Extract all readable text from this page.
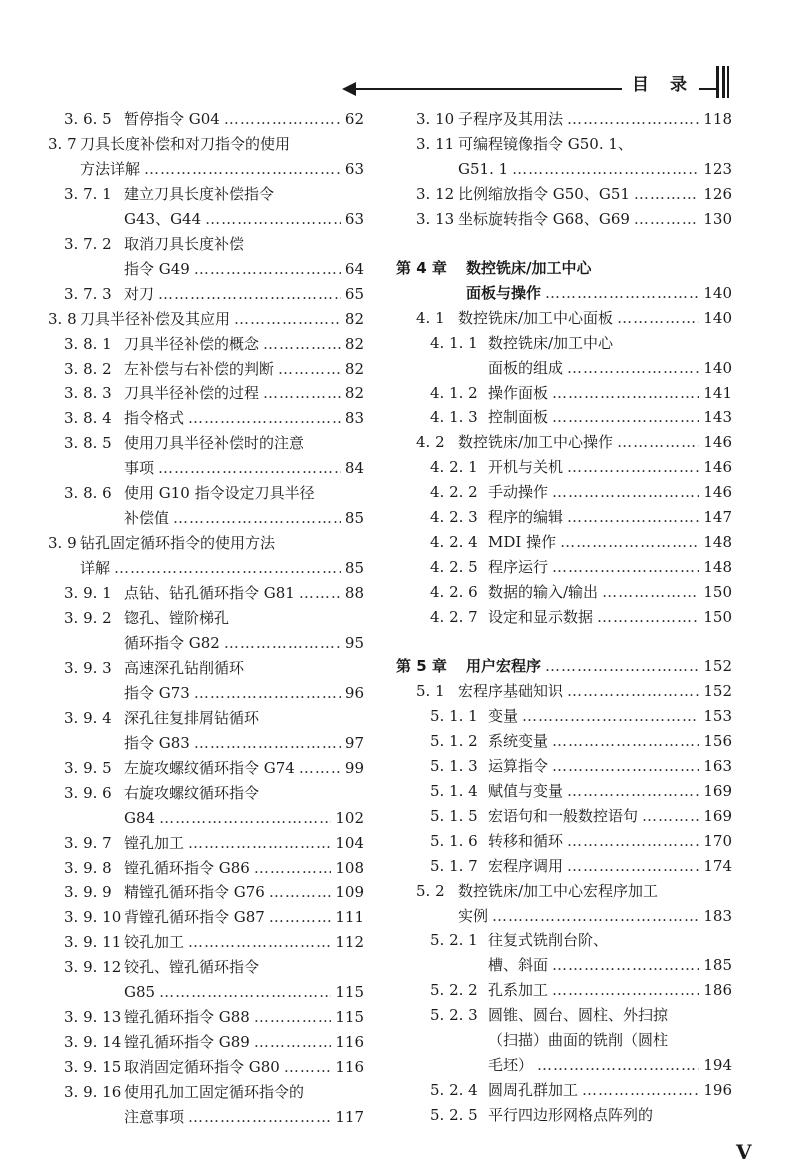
目　录
3. 6. 5 暂停指令 G04 ……………………………………………………………………………………………………………	62
3. 7 刀具长度补偿和对刀指令的使用
方法详解 ……………………………………………………………………………………………………………	63
3. 7. 1 建立刀具长度补偿指令
G43、G44 ……………………………………………………………………………………………………………	63
3. 7. 2 取消刀具长度补偿
指令 G49 ……………………………………………………………………………………………………………	64
3. 7. 3 对刀 ……………………………………………………………………………………………………………	65
3. 8 刀具半径补偿及其应用 ……………………………………………………………………………………………………………	82
3. 8. 1 刀具半径补偿的概念 ……………………………………………………………………………………………………………	82
3. 8. 2 左补偿与右补偿的判断 ……………………………………………………………………………………………………………	82
3. 8. 3 刀具半径补偿的过程 ……………………………………………………………………………………………………………	82
3. 8. 4 指令格式 ……………………………………………………………………………………………………………	83
3. 8. 5 使用刀具半径补偿时的注意
事项 ……………………………………………………………………………………………………………	84
3. 8. 6 使用 G10 指令设定刀具半径
补偿值 ……………………………………………………………………………………………………………	85
3. 9 钻孔固定循环指令的使用方法
详解 ……………………………………………………………………………………………………………	85
3. 9. 1 点钻、钻孔循环指令 G81 ……………………………………………………………………………………………………………	88
3. 9. 2 锪孔、镗阶梯孔
循环指令 G82 ……………………………………………………………………………………………………………	95
3. 9. 3 高速深孔钻削循环
指令 G73 ……………………………………………………………………………………………………………	96
3. 9. 4 深孔往复排屑钻循环
指令 G83 ……………………………………………………………………………………………………………	97
3. 9. 5 左旋攻螺纹循环指令 G74 ……………………………………………………………………………………………………………	99
3. 9. 6 右旋攻螺纹循环指令
G84 ……………………………………………………………………………………………………………	102
3. 9. 7 镗孔加工 ……………………………………………………………………………………………………………	104
3. 9. 8 镗孔循环指令 G86 ……………………………………………………………………………………………………………	108
3. 9. 9 精镗孔循环指令 G76 ……………………………………………………………………………………………………………	109
3. 9. 10 背镗孔循环指令 G87 ……………………………………………………………………………………………………………	111
3. 9. 11 铰孔加工 ……………………………………………………………………………………………………………	112
3. 9. 12 铰孔、镗孔循环指令
G85 ……………………………………………………………………………………………………………	115
3. 9. 13 镗孔循环指令 G88 ……………………………………………………………………………………………………………	115
3. 9. 14 镗孔循环指令 G89 ……………………………………………………………………………………………………………	116
3. 9. 15 取消固定循环指令 G80 ……………………………………………………………………………………………………………	116
3. 9. 16 使用孔加工固定循环指令的
注意事项 ……………………………………………………………………………………………………………	117
3. 10 子程序及其用法 ……………………………………………………………………………………………………………	118
3. 11 可编程镜像指令 G50. 1、
G51. 1 ……………………………………………………………………………………………………………	123
3. 12 比例缩放指令 G50、G51 ……………………………………………………………………………………………………………	126
3. 13 坐标旋转指令 G68、G69 ……………………………………………………………………………………………………………	130
第 4 章 数控铣床/加工中心
面板与操作 ……………………………………………………………………………………………………………	140
4. 1 数控铣床/加工中心面板 ……………………………………………………………………………………………………………	140
4. 1. 1 数控铣床/加工中心
面板的组成 ……………………………………………………………………………………………………………	140
4. 1. 2 操作面板 ……………………………………………………………………………………………………………	141
4. 1. 3 控制面板 ……………………………………………………………………………………………………………	143
4. 2 数控铣床/加工中心操作 ……………………………………………………………………………………………………………	146
4. 2. 1 开机与关机 ……………………………………………………………………………………………………………	146
4. 2. 2 手动操作 ……………………………………………………………………………………………………………	146
4. 2. 3 程序的编辑 ……………………………………………………………………………………………………………	147
4. 2. 4 MDI 操作 ……………………………………………………………………………………………………………	148
4. 2. 5 程序运行 ……………………………………………………………………………………………………………	148
4. 2. 6 数据的输入/输出 ……………………………………………………………………………………………………………	150
4. 2. 7 设定和显示数据 ……………………………………………………………………………………………………………	150
第 5 章 用户宏程序 ……………………………………………………………………………………………………………	152
5. 1 宏程序基础知识 ……………………………………………………………………………………………………………	152
5. 1. 1 变量 ……………………………………………………………………………………………………………	153
5. 1. 2 系统变量 ……………………………………………………………………………………………………………	156
5. 1. 3 运算指令 ……………………………………………………………………………………………………………	163
5. 1. 4 赋值与变量 ……………………………………………………………………………………………………………	169
5. 1. 5 宏语句和一般数控语句 ……………………………………………………………………………………………………………	169
5. 1. 6 转移和循环 ……………………………………………………………………………………………………………	170
5. 1. 7 宏程序调用 ……………………………………………………………………………………………………………	174
5. 2 数控铣床/加工中心宏程序加工
实例 ……………………………………………………………………………………………………………	183
5. 2. 1 往复式铣削台阶、
槽、斜面 ……………………………………………………………………………………………………………	185
5. 2. 2 孔系加工 ……………………………………………………………………………………………………………	186
5. 2. 3 圆锥、圆台、圆柱、外扫掠
（扫描）曲面的铣削（圆柱
毛坯） ……………………………………………………………………………………………………………	194
5. 2. 4 圆周孔群加工 ……………………………………………………………………………………………………………	196
5. 2. 5 平行四边形网格点阵列的
V
